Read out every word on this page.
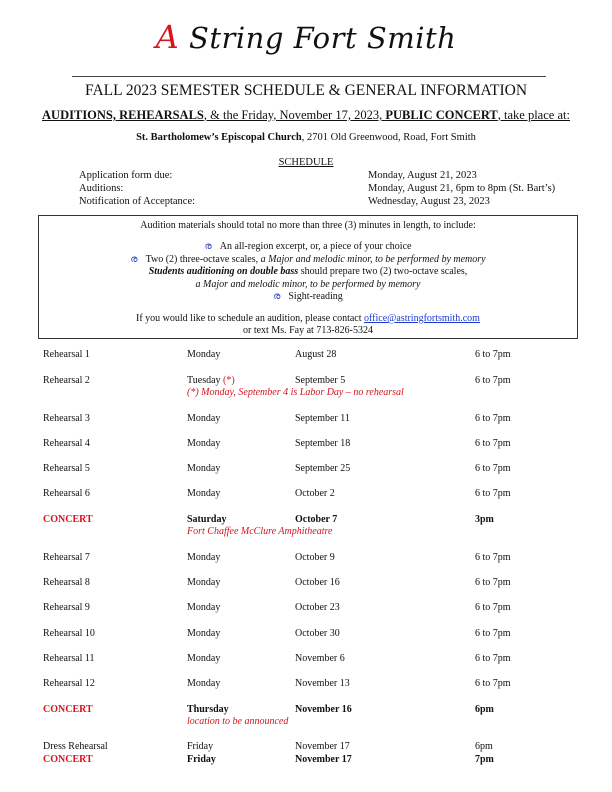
A String Fort Smith
FALL 2023 SEMESTER SCHEDULE & GENERAL INFORMATION
AUDITIONS, REHEARSALS, & the Friday, November 17, 2023, PUBLIC CONCERT, take place at:
St. Bartholomew’s Episcopal Church, 2701 Old Greenwood, Road, Fort Smith
SCHEDULE
Application form due:	Monday, August 21, 2023
Auditions:	Monday, August 21, 6pm to 8pm (St. Bart’s)
Notification of Acceptance:	Wednesday, August 23, 2023
Audition materials should total no more than three (3) minutes in length, to include:
ര An all-region excerpt, or, a piece of your choice
ര Two (2) three-octave scales, a Major and melodic minor, to be performed by memory
Students auditioning on double bass should prepare two (2) two-octave scales,
a Major and melodic minor, to be performed by memory
ര Sight-reading
If you would like to schedule an audition, please contact office@astringfortsmith.com
or text Ms. Fay at 713-826-5324
Rehearsal 1	Monday	August 28	6 to 7pm
Rehearsal 2	Tuesday (*)	September 5	6 to 7pm
(*) Monday, September 4 is Labor Day – no rehearsal
Rehearsal 3	Monday	September 11	6 to 7pm
Rehearsal 4	Monday	September 18	6 to 7pm
Rehearsal 5	Monday	September 25	6 to 7pm
Rehearsal 6	Monday	October 2	6 to 7pm
CONCERT	Saturday	October 7	3pm
Fort Chaffee McClure Amphitheatre
Rehearsal 7	Monday	October 9	6 to 7pm
Rehearsal 8	Monday	October 16	6 to 7pm
Rehearsal 9	Monday	October 23	6 to 7pm
Rehearsal 10	Monday	October 30	6 to 7pm
Rehearsal 11	Monday	November 6	6 to 7pm
Rehearsal 12	Monday	November 13	6 to 7pm
CONCERT	Thursday	November 16	6pm
location to be announced
Dress Rehearsal	Friday	November 17	6pm
CONCERT	Friday	November 17	7pm
